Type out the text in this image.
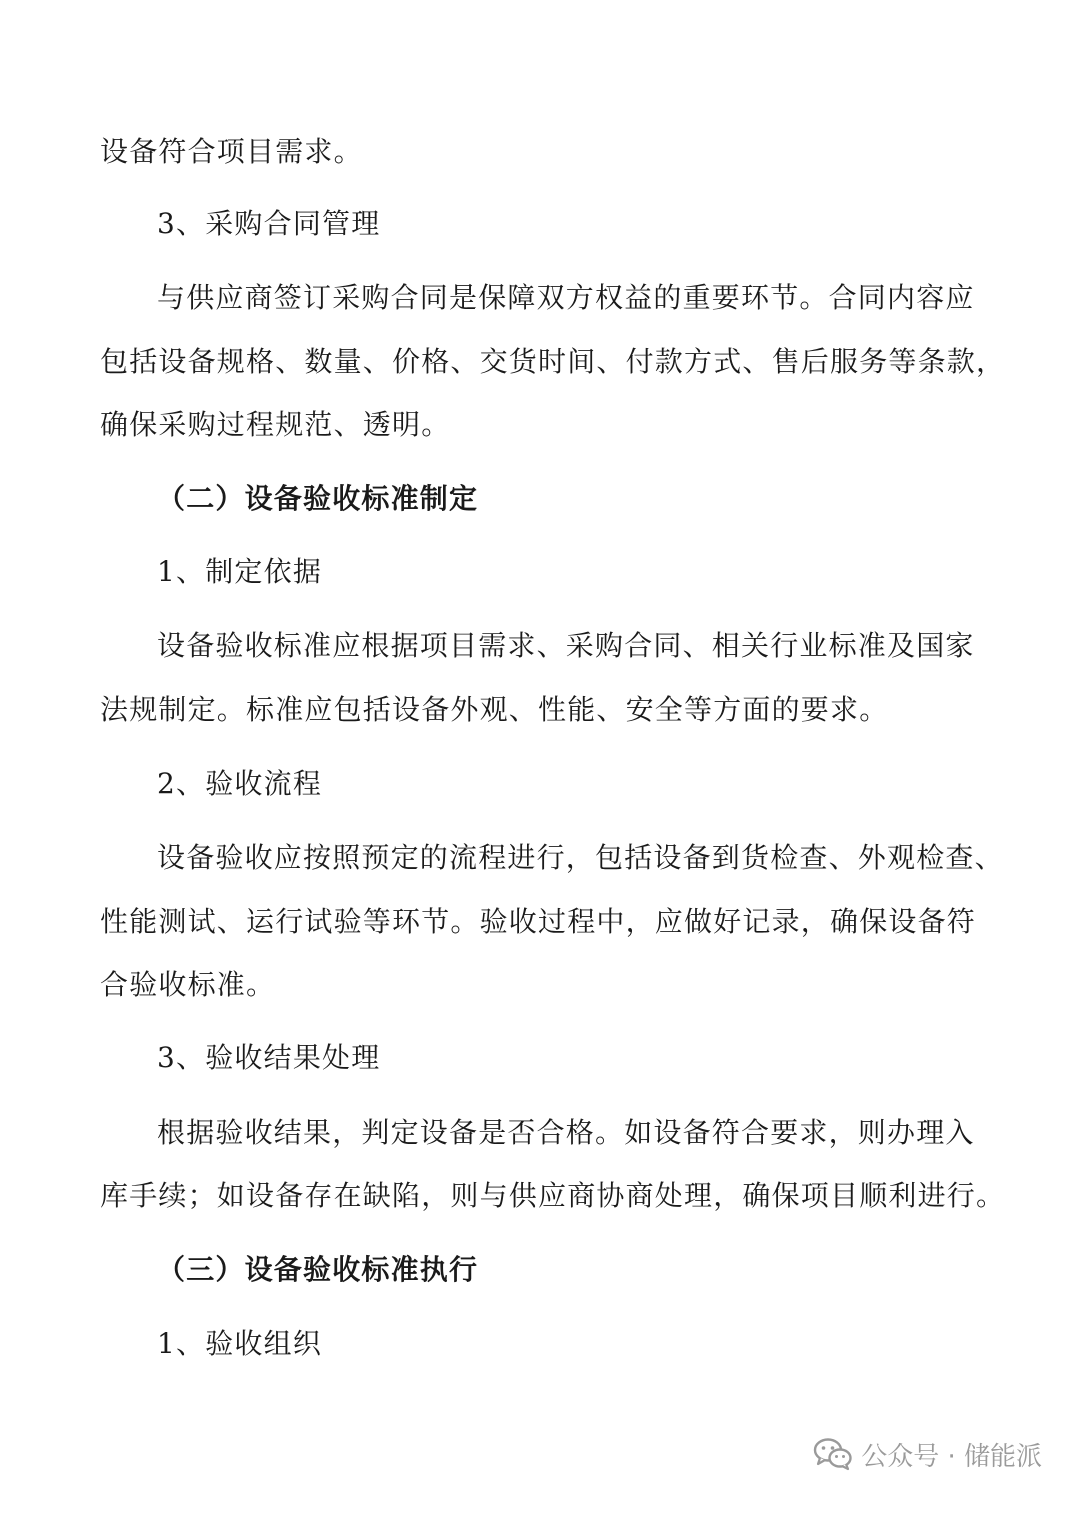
设备符合项目需求。
3、采购合同管理
与供应商签订采购合同是保障双方权益的重要环节。合同内容应
包括设备规格、数量、价格、交货时间、付款方式、售后服务等条款，
确保采购过程规范、透明。
（二）设备验收标准制定
1、制定依据
设备验收标准应根据项目需求、采购合同、相关行业标准及国家
法规制定。标准应包括设备外观、性能、安全等方面的要求。
2、验收流程
设备验收应按照预定的流程进行，包括设备到货检查、外观检查、
性能测试、运行试验等环节。验收过程中，应做好记录，确保设备符
合验收标准。
3、验收结果处理
根据验收结果，判定设备是否合格。如设备符合要求，则办理入
库手续；如设备存在缺陷，则与供应商协商处理，确保项目顺利进行。
（三）设备验收标准执行
1、验收组织
公众号 · 储能派
